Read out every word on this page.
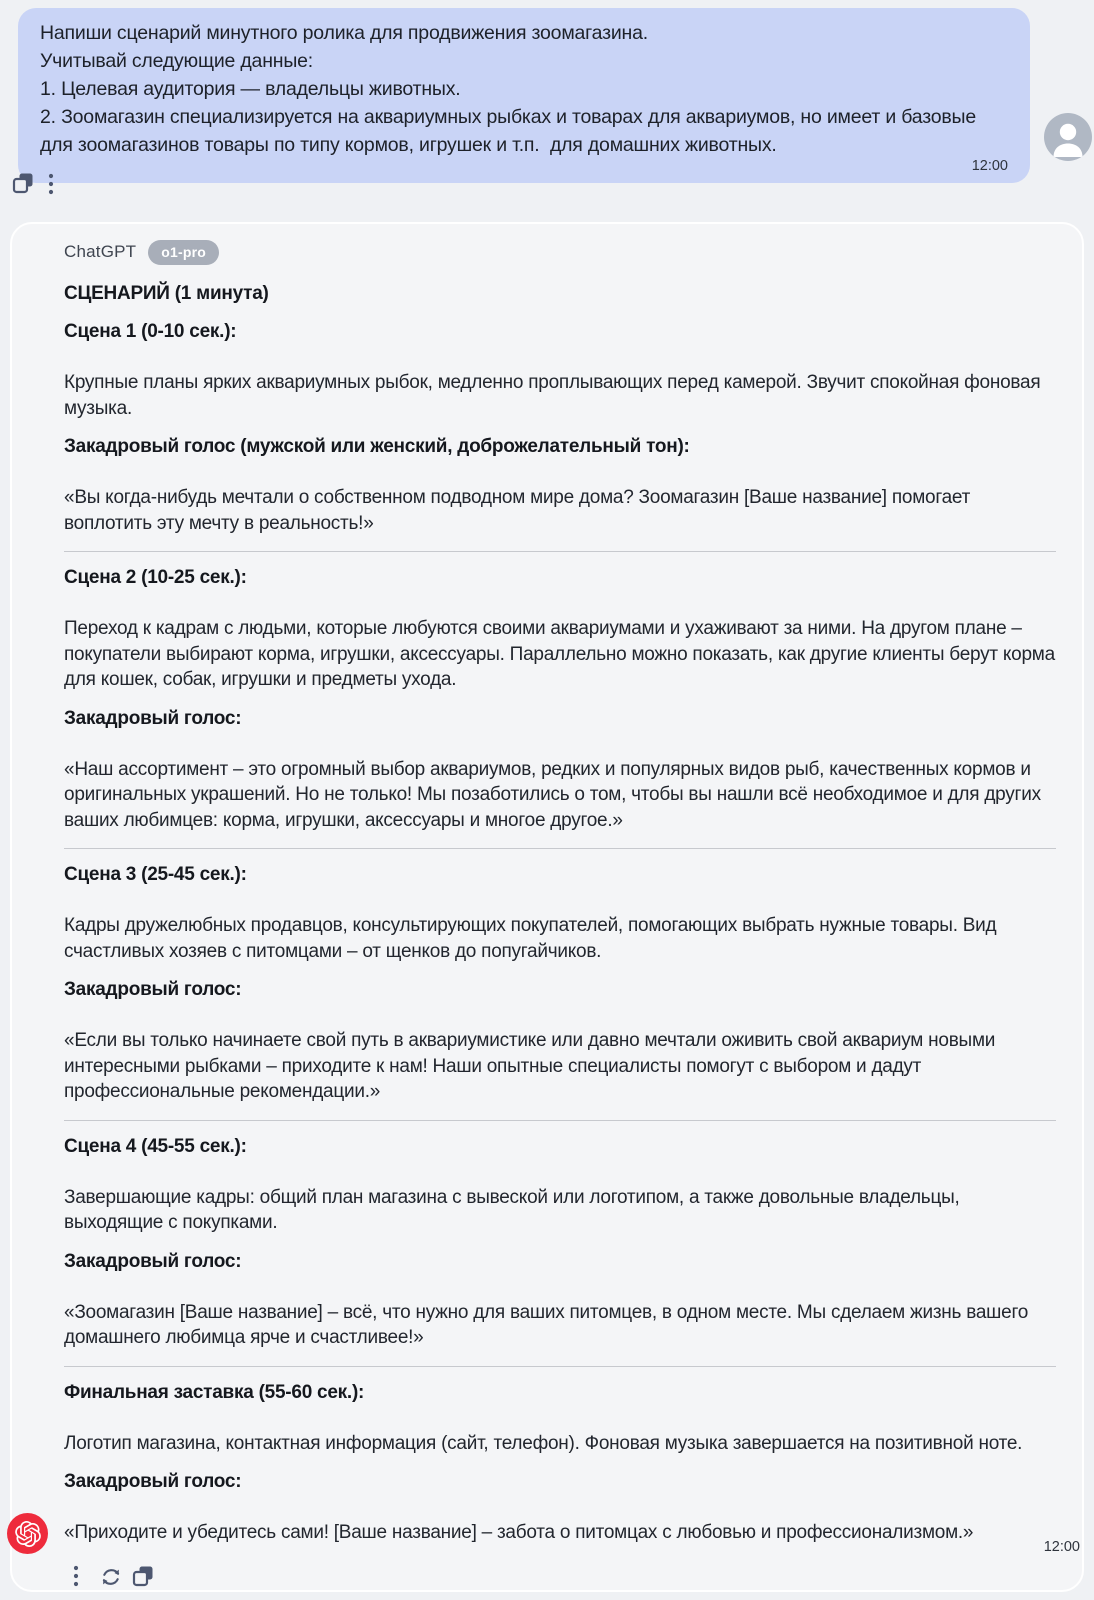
Напиши сценарий минутного ролика для продвижения зоомагазина.
Учитывай следующие данные:
1. Целевая аудитория — владельцы животных.
2. Зоомагазин специализируется на аквариумных рыбках и товарах для аквариумов, но имеет и базовые для зоомагазинов товары по типу кормов, игрушек и т.п.  для домашних животных.
12:00
ChatGPT	o1-pro
СЦЕНАРИЙ (1 минута)
Сцена 1 (0-10 сек.):
Крупные планы ярких аквариумных рыбок, медленно проплывающих перед камерой. Звучит спокойная фоновая музыка.
Закадровый голос (мужской или женский, доброжелательный тон):
«Вы когда-нибудь мечтали о собственном подводном мире дома? Зоомагазин [Ваше название] помогает воплотить эту мечту в реальность!»
Сцена 2 (10-25 сек.):
Переход к кадрам с людьми, которые любуются своими аквариумами и ухаживают за ними. На другом плане – покупатели выбирают корма, игрушки, аксессуары. Параллельно можно показать, как другие клиенты берут корма для кошек, собак, игрушки и предметы ухода.
Закадровый голос:
«Наш ассортимент – это огромный выбор аквариумов, редких и популярных видов рыб, качественных кормов и оригинальных украшений. Но не только! Мы позаботились о том, чтобы вы нашли всё необходимое и для других ваших любимцев: корма, игрушки, аксессуары и многое другое.»
Сцена 3 (25-45 сек.):
Кадры дружелюбных продавцов, консультирующих покупателей, помогающих выбрать нужные товары. Вид счастливых хозяев с питомцами – от щенков до попугайчиков.
Закадровый голос:
«Если вы только начинаете свой путь в аквариумистике или давно мечтали оживить свой аквариум новыми интересными рыбками – приходите к нам! Наши опытные специалисты помогут с выбором и дадут профессиональные рекомендации.»
Сцена 4 (45-55 сек.):
Завершающие кадры: общий план магазина с вывеской или логотипом, а также довольные владельцы, выходящие с покупками.
Закадровый голос:
«Зоомагазин [Ваше название] – всё, что нужно для ваших питомцев, в одном месте. Мы сделаем жизнь вашего домашнего любимца ярче и счастливее!»
Финальная заставка (55-60 сек.):
Логотип магазина, контактная информация (сайт, телефон). Фоновая музыка завершается на позитивной ноте.
Закадровый голос:
«Приходите и убедитесь сами! [Ваше название] – забота о питомцах с любовью и профессионализмом.»
12:00
